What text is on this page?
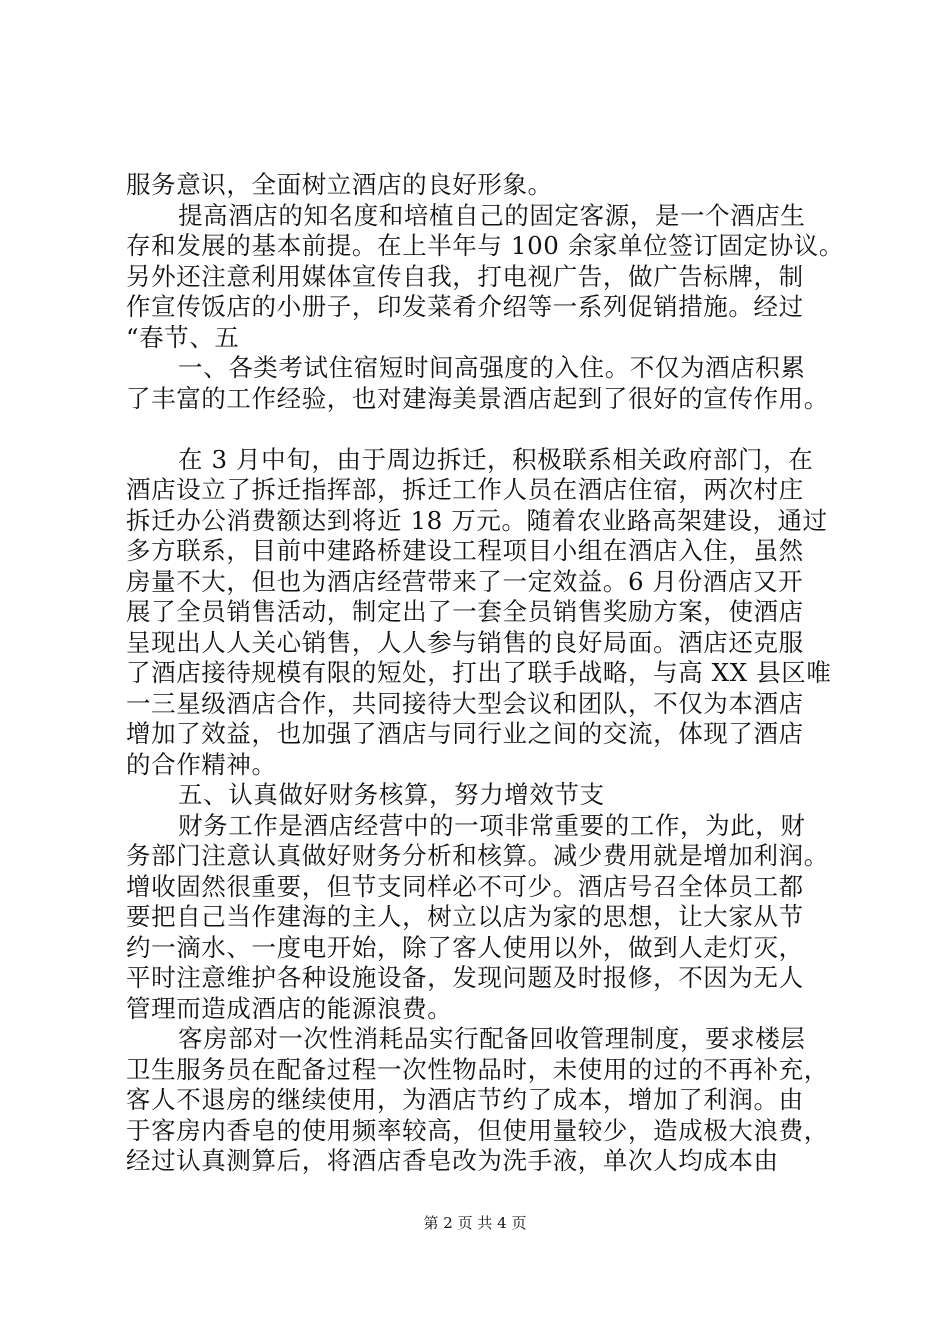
服务意识，全面树立酒店的良好形象。
提高酒店的知名度和培植自己的固定客源，是一个酒店生
存和发展的基本前提。在上半年与 100 余家单位签订固定协议。
另外还注意利用媒体宣传自我，打电视广告，做广告标牌，制
作宣传饭店的小册子，印发菜肴介绍等一系列促销措施。经过
“春节、五
一、各类考试住宿短时间高强度的入住。不仅为酒店积累
了丰富的工作经验，也对建海美景酒店起到了很好的宣传作用。
在 3 月中旬，由于周边拆迁，积极联系相关政府部门，在
酒店设立了拆迁指挥部，拆迁工作人员在酒店住宿，两次村庄
拆迁办公消费额达到将近 18 万元。随着农业路高架建设，通过
多方联系，目前中建路桥建设工程项目小组在酒店入住，虽然
房量不大，但也为酒店经营带来了一定效益。6 月份酒店又开
展了全员销售活动，制定出了一套全员销售奖励方案，使酒店
呈现出人人关心销售，人人参与销售的良好局面。酒店还克服
了酒店接待规模有限的短处，打出了联手战略，与高 XX 县区唯
一三星级酒店合作，共同接待大型会议和团队，不仅为本酒店
增加了效益，也加强了酒店与同行业之间的交流，体现了酒店
的合作精神。
五、认真做好财务核算，努力增效节支
财务工作是酒店经营中的一项非常重要的工作，为此，财
务部门注意认真做好财务分析和核算。减少费用就是增加利润。
增收固然很重要，但节支同样必不可少。酒店号召全体员工都
要把自己当作建海的主人，树立以店为家的思想，让大家从节
约一滴水、一度电开始，除了客人使用以外，做到人走灯灭，
平时注意维护各种设施设备，发现问题及时报修，不因为无人
管理而造成酒店的能源浪费。
客房部对一次性消耗品实行配备回收管理制度，要求楼层
卫生服务员在配备过程一次性物品时，未使用的过的不再补充，
客人不退房的继续使用，为酒店节约了成本，增加了利润。由
于客房内香皂的使用频率较高，但使用量较少，造成极大浪费，
经过认真测算后，将酒店香皂改为洗手液，单次人均成本由
第 2 页 共 4 页
